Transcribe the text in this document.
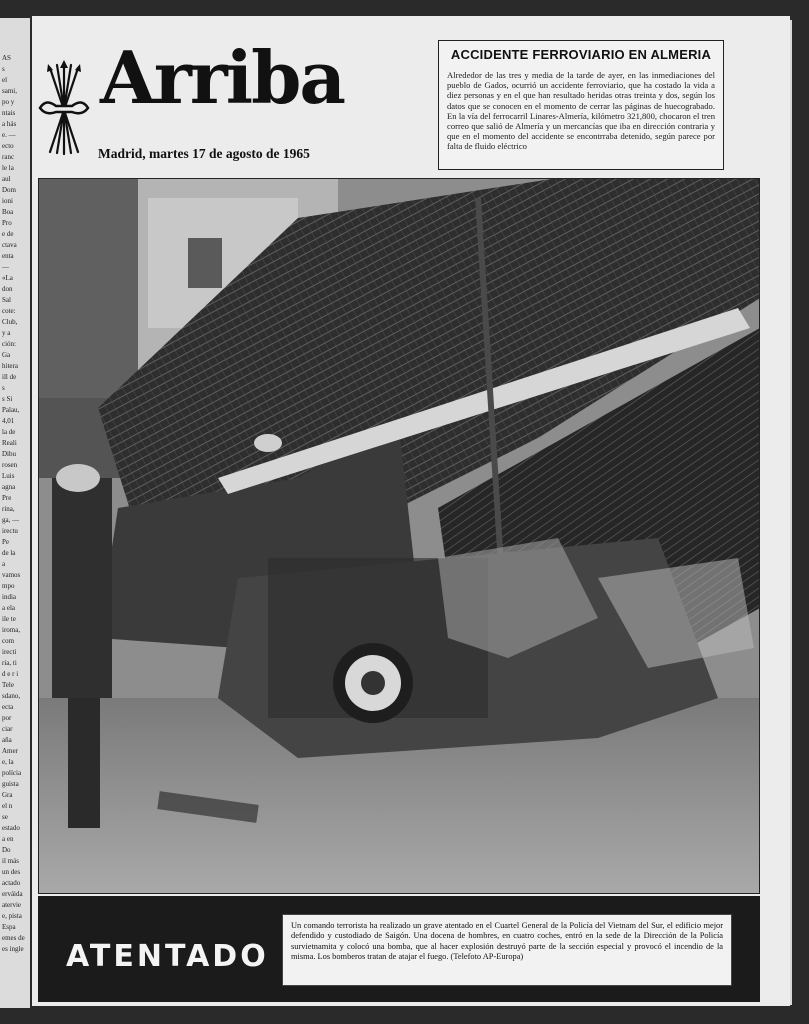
AS
s
el
sami,
po y
ntais
a hás
e. —
ecto
ranc
le la
aul
Dom
ioni
Boa
Pro
e de
ctava
enta
—
«La
don
Sal
cote:
Club,
y a
ción:
Ga
hitera
ill de
s
s Si
Palau,
4,01
la de
Reali
Dibu
rosen
Luis
agna
Pre
rina,
ga, —
irectu
Pe
de la
a
vamos
mpo
india
a ela
ile te
iroma,
com
irecti
ria, ti
d e r i
Tele
sdano,
ecta
por
ciar
aña
Amer
e, la
polícia
guista
Gra
el n
se
estado
a en
Do
il más
un des
actado
erváida
atervie
e, pista
Espa
emes de
es ingle
Arriba
Madrid, martes 17 de agosto de 1965
ACCIDENTE FERROVIARIO EN ALMERIA
Alrededor de las tres y media de la tarde de ayer, en las inmediaciones del pueblo de Gados, ocurrió un accidente ferroviario, que ha costado la vida a diez personas y en el que han resultado heridas otras treinta y dos, según los datos que se conocen en el momento de cerrar las páginas de huecograbado. En la vía del ferrocarril Linares-Almería, kilómetro 321,800, chocaron el tren correo que salió de Almería y un mercancías que iba en dirección contraria y que en el momento del accidente se encontrraba detenido, según parece por falta de fluido eléctrico
ATENTADO
Un comando terrorista ha realizado un grave atentado en el Cuartel General de la Policía del Vietnam del Sur, el edificio mejor defendido y custodiado de Saigón. Una docena de hombres, en cuatro coches, entró en la sede de la Dirección de la Policía survietnamita y colocó una bomba, que al hacer explosión destruyó parte de la sección especial y provocó el incendio de la misma. Los bomberos tratan de atajar el fuego. (Telefoto AP-Europa)
